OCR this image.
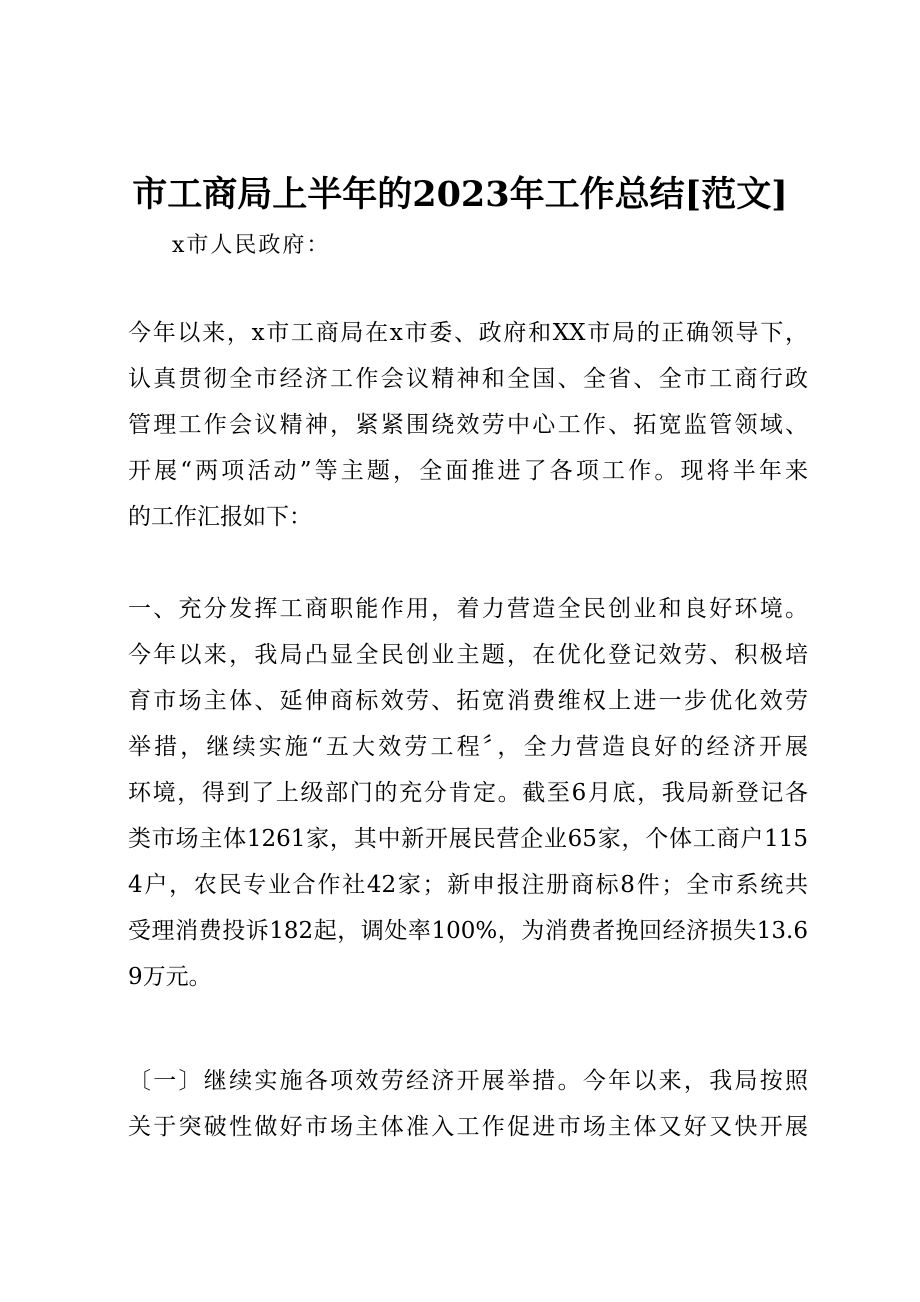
市工商局上半年的2023年工作总结[范文]
x市人民政府：
今年以来，x市工商局在x市委、政府和XX市局的正确领导下，
认真贯彻全市经济工作会议精神和全国、全省、全市工商行政
管理工作会议精神，紧紧围绕效劳中心工作、拓宽监管领域、
开展“两项活动”等主题，全面推进了各项工作。现将半年来
的工作汇报如下：
一、充分发挥工商职能作用，着力营造全民创业和良好环境。
今年以来，我局凸显全民创业主题，在优化登记效劳、积极培
育市场主体、延伸商标效劳、拓宽消费维权上进一步优化效劳
举措，继续实施“五大效劳工程〞，全力营造良好的经济开展
环境，得到了上级部门的充分肯定。截至6月底，我局新登记各
类市场主体1261家，其中新开展民营企业65家，个体工商户115
4户，农民专业合作社42家；新申报注册商标8件；全市系统共
受理消费投诉182起，调处率100%，为消费者挽回经济损失13.6
9万元。
〔一〕继续实施各项效劳经济开展举措。今年以来，我局按照
关于突破性做好市场主体准入工作促进市场主体又好又快开展
